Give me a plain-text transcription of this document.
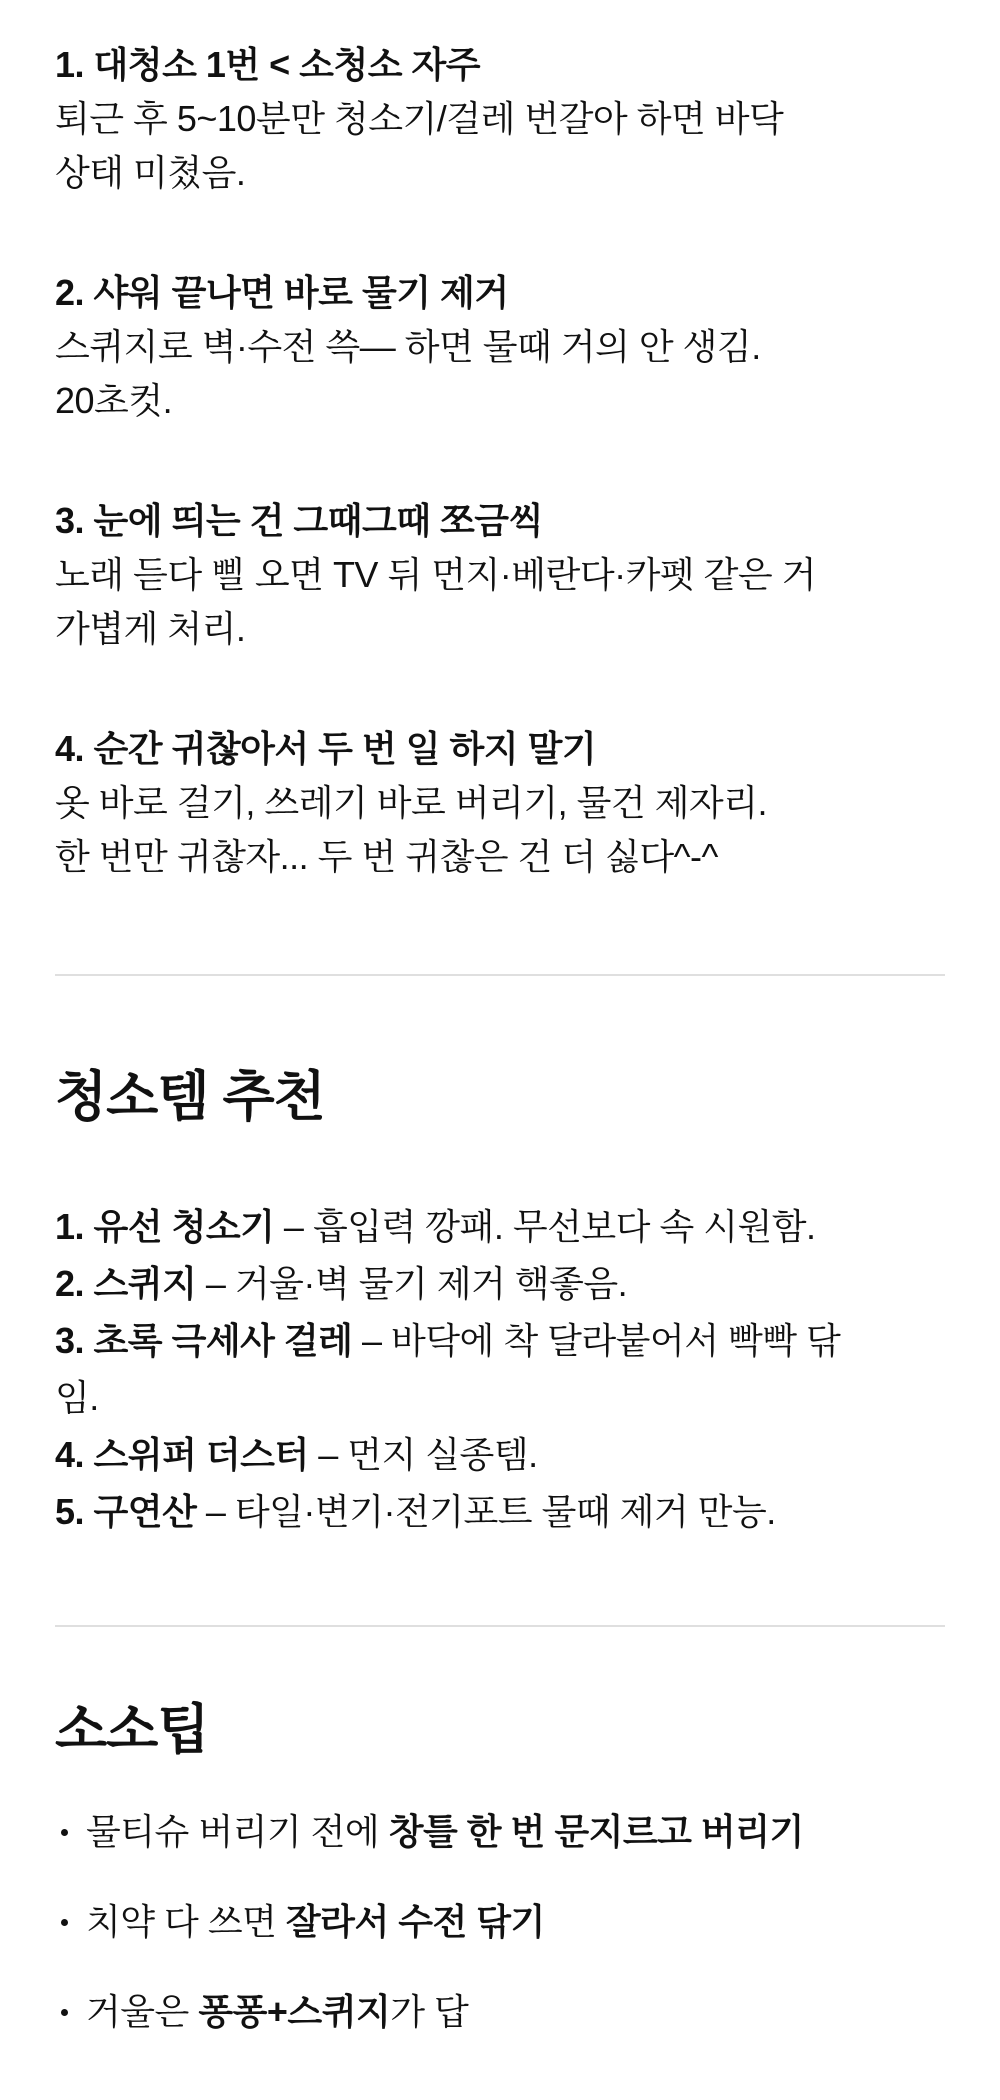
1. 대청소 1번 < 소청소 자주
퇴근 후 5~10분만 청소기/걸레 번갈아 하면 바닥
상태 미쳤음.
2. 샤워 끝나면 바로 물기 제거
스퀴지로 벽·수전 쓱— 하면 물때 거의 안 생김.
20초컷.
3. 눈에 띄는 건 그때그때 쪼금씩
노래 듣다 삘 오면 TV 뒤 먼지·베란다·카펫 같은 거
가볍게 처리.
4. 순간 귀찮아서 두 번 일 하지 말기
옷 바로 걸기, 쓰레기 바로 버리기, 물건 제자리.
한 번만 귀찮자... 두 번 귀찮은 건 더 싫다^-^
청소템 추천
1. 유선 청소기 – 흡입력 깡패. 무선보다 속 시원함.
2. 스퀴지 – 거울·벽 물기 제거 핵좋음.
3. 초록 극세사 걸레 – 바닥에 착 달라붙어서 빡빡 닦
임.
4. 스위퍼 더스터 – 먼지 실종템.
5. 구연산 – 타일·변기·전기포트 물때 제거 만능.
소소팁
물티슈 버리기 전에 창틀 한 번 문지르고 버리기
치약 다 쓰면 잘라서 수전 닦기
거울은 퐁퐁+스퀴지가 답
